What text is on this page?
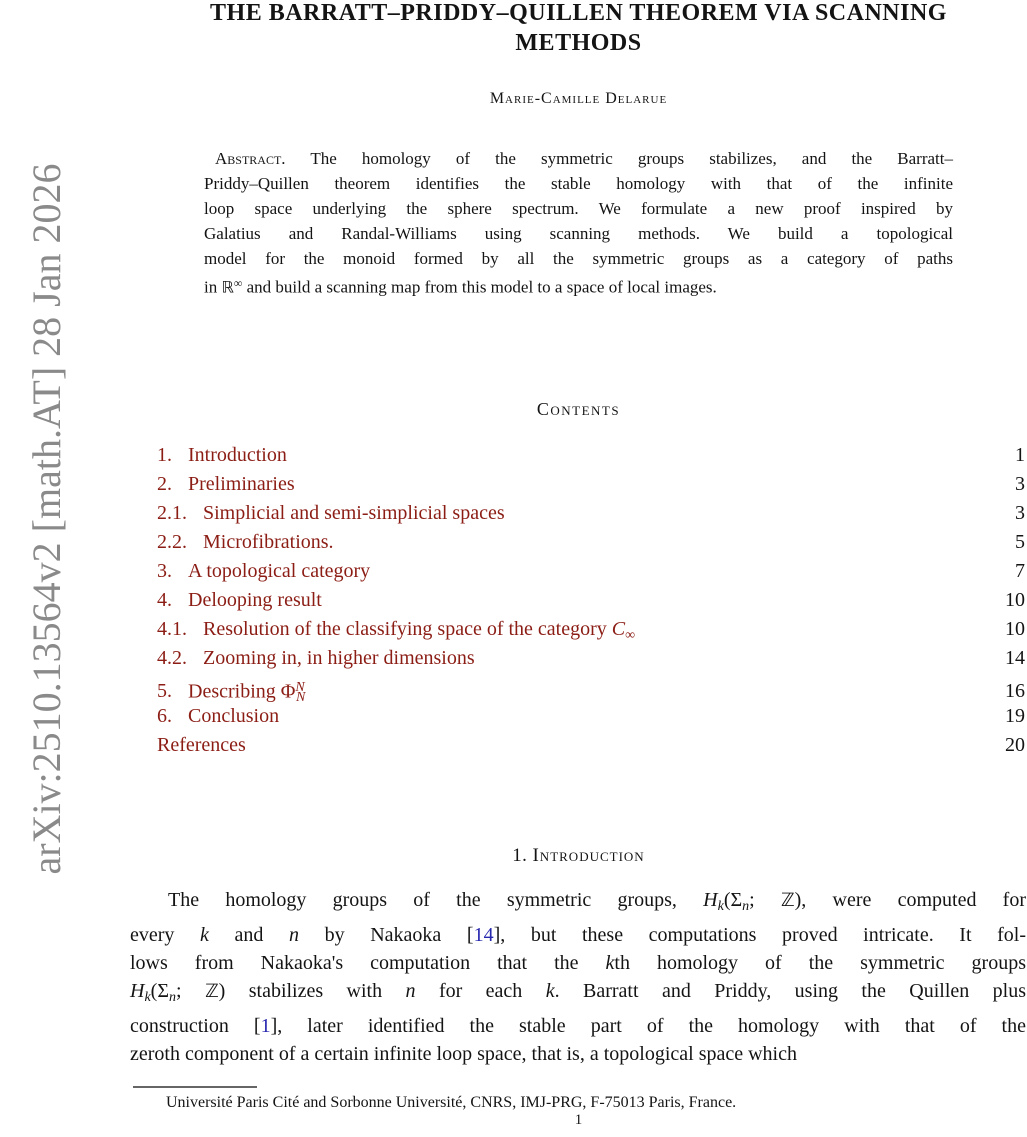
arXiv:2510.13564v2 [math.AT] 28 Jan 2026
THE BARRATT–PRIDDY–QUILLEN THEOREM VIA SCANNING
METHODS
Marie-Camille Delarue
Abstract. The homology of the symmetric groups stabilizes, and the Barratt–
Priddy–Quillen theorem identifies the stable homology with that of the infinite
loop space underlying the sphere spectrum. We formulate a new proof inspired by
Galatius and Randal-Williams using scanning methods. We build a topological
model for the monoid formed by all the symmetric groups as a category of paths
in ℝ∞ and build a scanning map from this model to a space of local images.
Contents
1. Introduction	1
2. Preliminaries	3
2.1. Simplicial and semi-simplicial spaces	3
2.2. Microfibrations.	5
3. A topological category	7
4. Delooping result	10
4.1. Resolution of the classifying space of the category $C_\infty$	10
4.2. Zooming in, in higher dimensions	14
5. Describing $\Phi^N_N$	16
6. Conclusion	19
References	20
1. Introduction
The homology groups of the symmetric groups, $H_k(\Sigma_n$; ℤ), were computed for
every k and n by Nakaoka [14], but these computations proved intricate. It fol-
lows from Nakaoka's computation that the kth homology of the symmetric groups
$H_k(\Sigma_n$; ℤ) stabilizes with n for each k. Barratt and Priddy, using the Quillen plus
construction [1], later identified the stable part of the homology with that of the
zeroth component of a certain infinite loop space, that is, a topological space which
Université Paris Cité and Sorbonne Université, CNRS, IMJ-PRG, F-75013 Paris, France.
1
